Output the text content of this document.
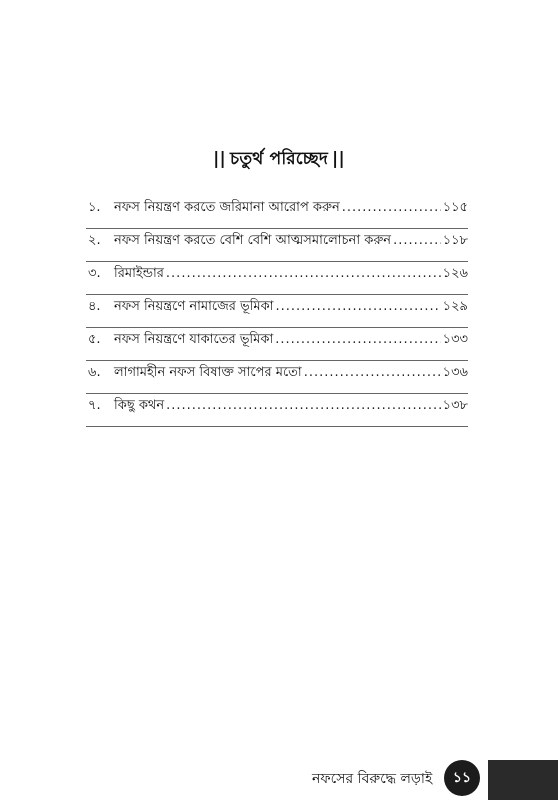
|| চতুর্থ পরিচ্ছেদ ||
১.	নফস নিয়ন্ত্রণ করতে জরিমানা আরোপ করুন .....	১১৫
২.	নফস নিয়ন্ত্রণ করতে বেশি বেশি আত্মসমালোচনা করুন .....	১১৮
৩.	রিমাইন্ডার .....	১২৬
৪.	নফস নিয়ন্ত্রণে নামাজের ভূমিকা .....	১২৯
৫.	নফস নিয়ন্ত্রণে যাকাতের ভূমিকা .....	১৩৩
৬.	লাগামহীন নফস বিষাক্ত সাপের মতো .....	১৩৬
৭.	কিছু কথন .....	১৩৮
নফসের বিরুদ্ধে লড়াই ১১
